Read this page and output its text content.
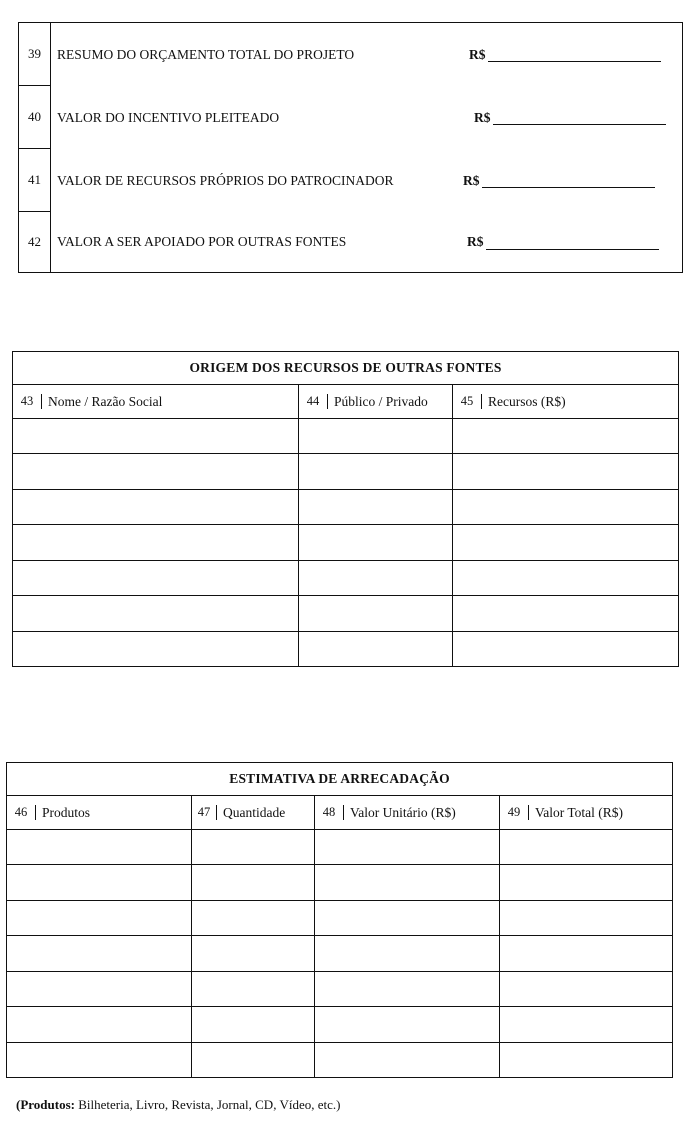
39	RESUMO DO ORÇAMENTO TOTAL DO PROJETO	R$
40	VALOR DO INCENTIVO PLEITEADO	R$
41	VALOR DE RECURSOS PRÓPRIOS DO PATROCINADOR	R$
42	VALOR A SER APOIADO POR OUTRAS FONTES	R$
ORIGEM DOS RECURSOS DE OUTRAS FONTES		

43 Nome / Razão Social	44 Público / Privado	45 Recursos (R$)

ESTIMATIVA DE ARRECADAÇÃO			

46 Produtos	47 Quantidade	48 Valor Unitário (R$)	49 Valor Total (R$)

(Produtos: Bilheteria, Livro, Revista, Jornal, CD, Vídeo, etc.)
